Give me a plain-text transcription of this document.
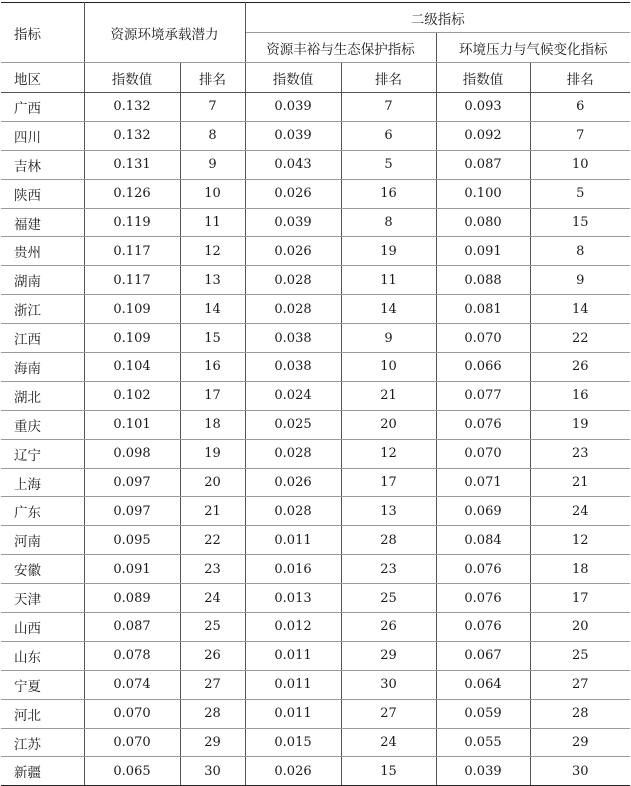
指标	资源环境承载潜力		二级指标			
			资源丰裕与生态保护指标		环境压力与气候变化指标	
地区	指数值	排名	指数值	排名	指数值	排名
广西	0.132	7	0.039	7	0.093	6
四川	0.132	8	0.039	6	0.092	7
吉林	0.131	9	0.043	5	0.087	10
陕西	0.126	10	0.026	16	0.100	5
福建	0.119	11	0.039	8	0.080	15
贵州	0.117	12	0.026	19	0.091	8
湖南	0.117	13	0.028	11	0.088	9
浙江	0.109	14	0.028	14	0.081	14
江西	0.109	15	0.038	9	0.070	22
海南	0.104	16	0.038	10	0.066	26
湖北	0.102	17	0.024	21	0.077	16
重庆	0.101	18	0.025	20	0.076	19
辽宁	0.098	19	0.028	12	0.070	23
上海	0.097	20	0.026	17	0.071	21
广东	0.097	21	0.028	13	0.069	24
河南	0.095	22	0.011	28	0.084	12
安徽	0.091	23	0.016	23	0.076	18
天津	0.089	24	0.013	25	0.076	17
山西	0.087	25	0.012	26	0.076	20
山东	0.078	26	0.011	29	0.067	25
宁夏	0.074	27	0.011	30	0.064	27
河北	0.070	28	0.011	27	0.059	28
江苏	0.070	29	0.015	24	0.055	29
新疆	0.065	30	0.026	15	0.039	30
